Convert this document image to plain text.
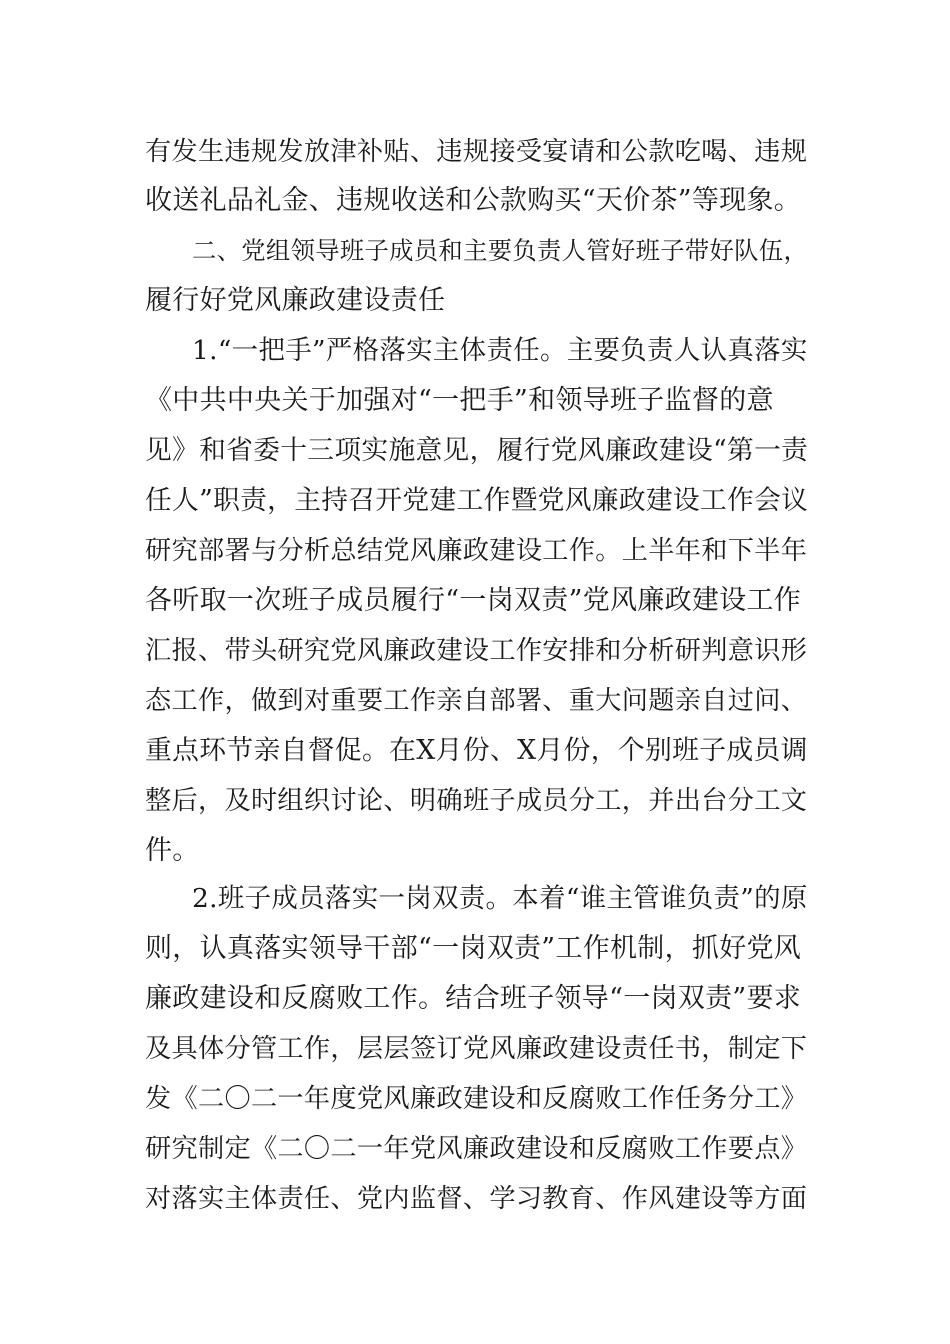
有发生违规发放津补贴、违规接受宴请和公款吃喝、违规

收送礼品礼金、违规收送和公款购买“天价茶”等现象。

二、党组领导班子成员和主要负责人管好班子带好队伍，

履行好党风廉政建设责任

1.“一把手”严格落实主体责任。主要负责人认真落实

《中共中央关于加强对“一把手”和领导班子监督的意

见》和省委十三项实施意见，履行党风廉政建设“第一责

任人”职责，主持召开党建工作暨党风廉政建设工作会议

研究部署与分析总结党风廉政建设工作。上半年和下半年

各听取一次班子成员履行“一岗双责”党风廉政建设工作

汇报、带头研究党风廉政建设工作安排和分析研判意识形

态工作，做到对重要工作亲自部署、重大问题亲自过问、

重点环节亲自督促。在X月份、X月份，个别班子成员调

整后，及时组织讨论、明确班子成员分工，并出台分工文

件。

2.班子成员落实一岗双责。本着“谁主管谁负责”的原

则，认真落实领导干部“一岗双责”工作机制，抓好党风

廉政建设和反腐败工作。结合班子领导“一岗双责”要求

及具体分管工作，层层签订党风廉政建设责任书，制定下

发《二〇二一年度党风廉政建设和反腐败工作任务分工》

研究制定《二〇二一年党风廉政建设和反腐败工作要点》

对落实主体责任、党内监督、学习教育、作风建设等方面
